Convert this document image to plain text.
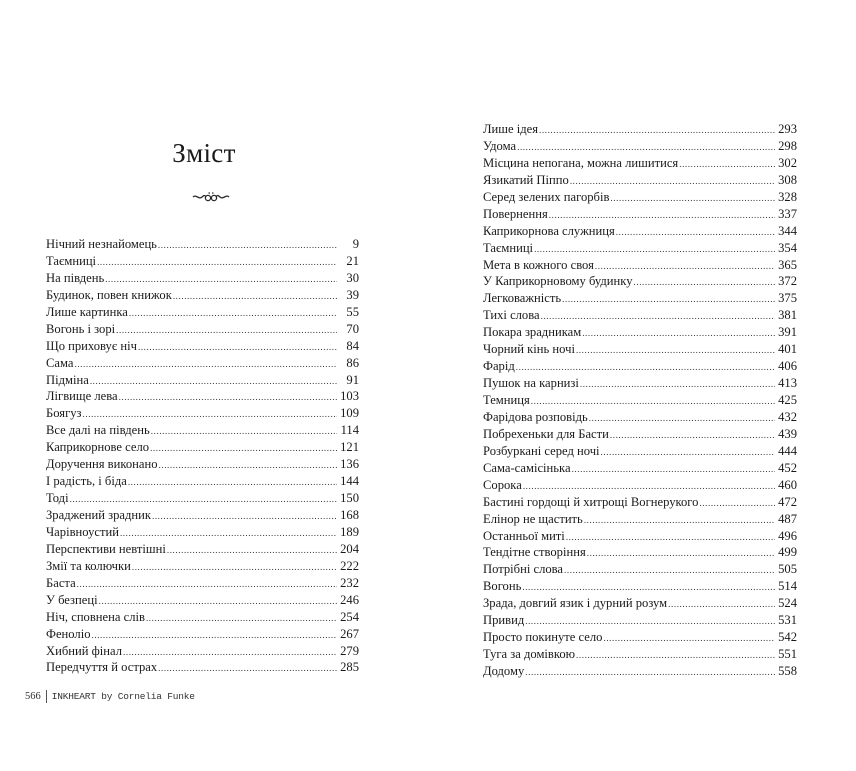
Зміст
Нічний незнайомець .....	9
Таємниці .....	21
На південь .....	30
Будинок, повен книжок .....	39
Лише картинка .....	55
Вогонь і зорі .....	70
Що приховує ніч .....	84
Сама .....	86
Підміна .....	91
Лігвище лева .....	103
Боягуз .....	109
Все далі на південь .....	114
Каприкорнове село .....	121
Доручення виконано .....	136
І радість, і біда .....	144
Тоді .....	150
Зраджений зрадник .....	168
Чарівноустий .....	189
Перспективи невтішні .....	204
Змії та колючки .....	222
Баста .....	232
У безпеці .....	246
Ніч, сповнена слів .....	254
Феноліо .....	267
Хибний фінал .....	279
Передчуття й острах .....	285
566 INKHEART by Cornelia Funke
Лише ідея .....	293
Удома .....	298
Місцина непогана, можна лишитися .....	302
Язикатий Піппо .....	308
Серед зелених пагорбів .....	328
Повернення .....	337
Каприкорнова служниця .....	344
Таємниці .....	354
Мета в кожного своя .....	365
У Каприкорновому будинку .....	372
Легковажність .....	375
Тихі слова .....	381
Покара зрадникам .....	391
Чорний кінь ночі .....	401
Фарід .....	406
Пушок на карнизі .....	413
Темниця .....	425
Фарідова розповідь .....	432
Побрехеньки для Басти .....	439
Розбуркані серед ночі .....	444
Сама-самісінька .....	452
Сорока .....	460
Бастині гордощі й хитрощі Вогнерукого .....	472
Елінор не щастить .....	487
Останньої миті .....	496
Тендітне створіння .....	499
Потрібні слова .....	505
Вогонь .....	514
Зрада, довгий язик і дурний розум .....	524
Привид .....	531
Просто покинуте село .....	542
Туга за домівкою .....	551
Додому .....	558
